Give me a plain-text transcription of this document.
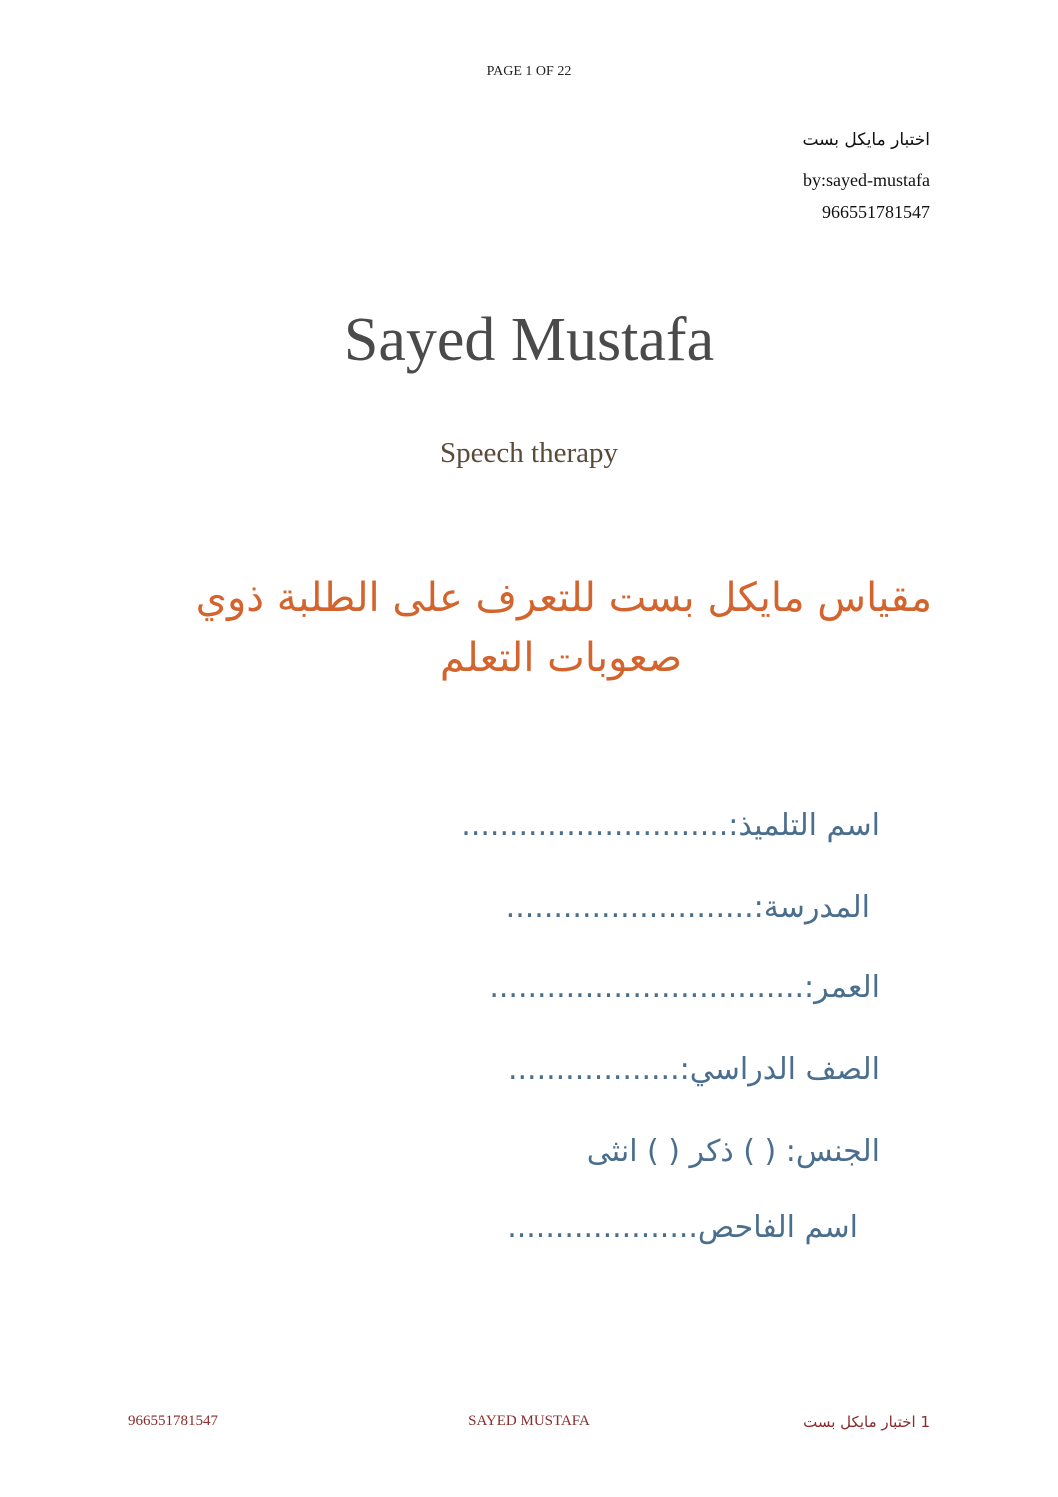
PAGE 1 OF 22
اختبار مايكل بست
by:sayed-mustafa
966551781547
Sayed Mustafa
Speech therapy
مقياس مايكل بست للتعرف على الطلبة ذوي
صعوبات التعلم
اسم التلميذ:............................
المدرسة:..........................
العمر:.................................
الصف الدراسي:..................
الجنس: ( ) ذكر ( ) انثى
اسم الفاحص....................
966551781547	SAYED MUSTAFA	1 اختبار مايكل بست
